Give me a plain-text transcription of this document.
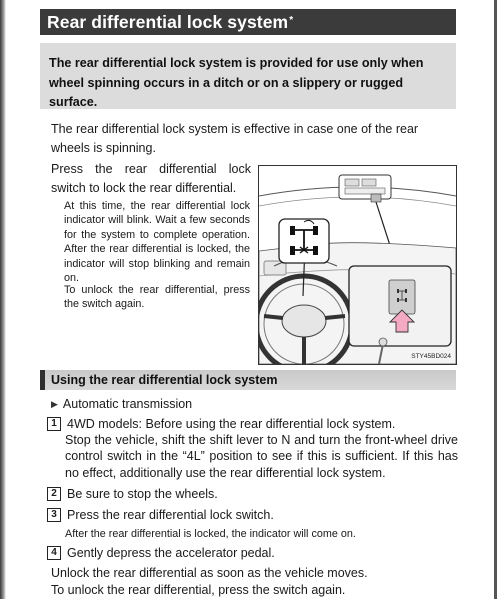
Rear differential lock system*

The rear differential lock system is provided for use only when wheel spinning occurs in a ditch or on a slippery or rugged surface.

The rear differential lock system is effective in case one of the rear wheels is spinning.

Press the rear differential lock switch to lock the rear differential.

At this time, the rear differential lock indicator will blink. Wait a few seconds for the system to complete operation. After the rear differential is locked, the indicator will stop blinking and remain on.

To unlock the rear differential, press the switch again.

STY45BD024
Using the rear differential lock system

▶ Automatic transmission

1 4WD models: Before using the rear differential lock system.

Stop the vehicle, shift the shift lever to N and turn the front-wheel drive control switch in the “4L” position to see if this is sufficient. If this has no effect, additionally use the rear differential lock system.

2 Be sure to stop the wheels.

3 Press the rear differential lock switch.

After the rear differential is locked, the indicator will come on.

4 Gently depress the accelerator pedal.

Unlock the rear differential as soon as the vehicle moves.

To unlock the rear differential, press the switch again.
